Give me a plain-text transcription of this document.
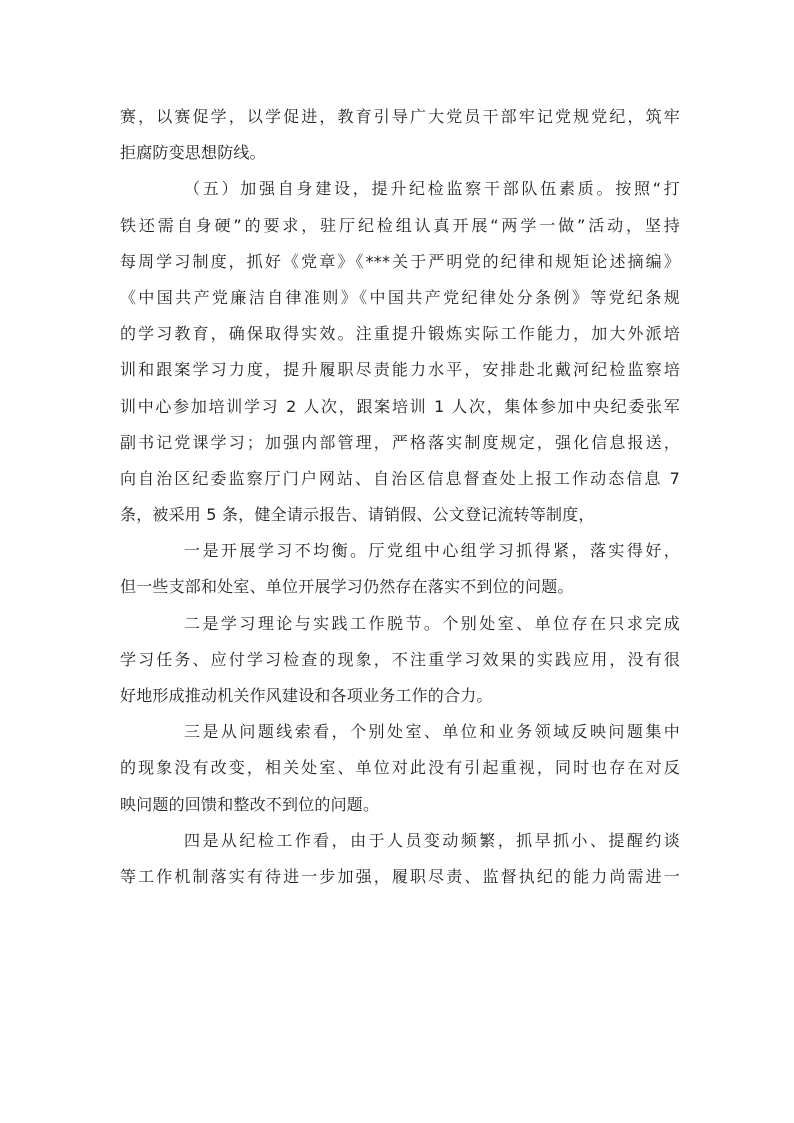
赛，以赛促学，以学促进，教育引导广大党员干部牢记党规党纪，筑牢
拒腐防变思想防线。
（五）加强自身建设，提升纪检监察干部队伍素质。按照“打
铁还需自身硬”的要求，驻厅纪检组认真开展“两学一做”活动，坚持
每周学习制度，抓好《党章》《***关于严明党的纪律和规矩论述摘编》
《中国共产党廉洁自律准则》《中国共产党纪律处分条例》等党纪条规
的学习教育，确保取得实效。注重提升锻炼实际工作能力，加大外派培
训和跟案学习力度，提升履职尽责能力水平，安排赴北戴河纪检监察培
训中心参加培训学习 2 人次，跟案培训 1 人次，集体参加中央纪委张军
副书记党课学习；加强内部管理，严格落实制度规定，强化信息报送，
向自治区纪委监察厅门户网站、自治区信息督查处上报工作动态信息 7
条，被采用 5 条，健全请示报告、请销假、公文登记流转等制度，
一是开展学习不均衡。厅党组中心组学习抓得紧，落实得好，
但一些支部和处室、单位开展学习仍然存在落实不到位的问题。
二是学习理论与实践工作脱节。个别处室、单位存在只求完成
学习任务、应付学习检查的现象，不注重学习效果的实践应用，没有很
好地形成推动机关作风建设和各项业务工作的合力。
三是从问题线索看，个别处室、单位和业务领域反映问题集中
的现象没有改变，相关处室、单位对此没有引起重视，同时也存在对反
映问题的回馈和整改不到位的问题。
四是从纪检工作看，由于人员变动频繁，抓早抓小、提醒约谈
等工作机制落实有待进一步加强，履职尽责、监督执纪的能力尚需进一
